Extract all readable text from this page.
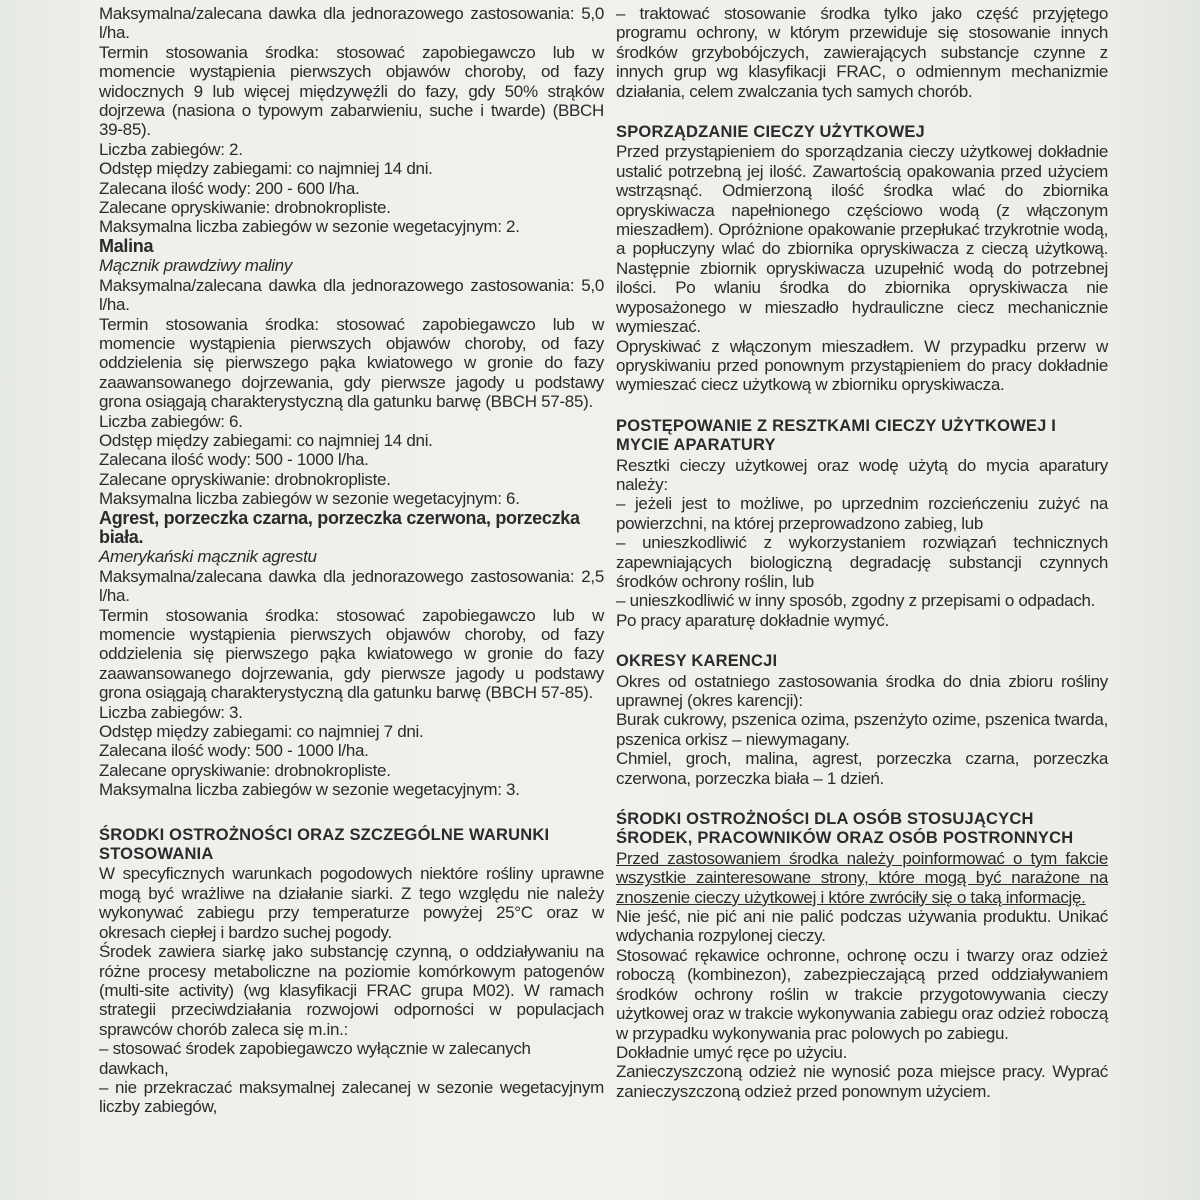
Maksymalna/zalecana dawka dla jednorazowego zastosowania: 5,0 l/ha.

Termin stosowania środka: stosować zapobiegawczo lub w momencie wystąpienia pierwszych objawów choroby, od fazy widocznych 9 lub więcej międzywęźli do fazy, gdy 50% strąków dojrzewa (nasiona o typowym zabarwieniu, suche i twarde) (BBCH 39-85).

Liczba zabiegów: 2.

Odstęp między zabiegami: co najmniej 14 dni.

Zalecana ilość wody: 200 - 600 l/ha.

Zalecane opryskiwanie: drobnokropliste.

Maksymalna liczba zabiegów w sezonie wegetacyjnym: 2.

Malina

Mącznik prawdziwy maliny

Maksymalna/zalecana dawka dla jednorazowego zastosowania: 5,0 l/ha.

Termin stosowania środka: stosować zapobiegawczo lub w momencie wystąpienia pierwszych objawów choroby, od fazy oddzielenia się pierwszego pąka kwiatowego w gronie do fazy zaawansowanego dojrzewania, gdy pierwsze jagody u podstawy grona osiągają charakterystyczną dla gatunku barwę (BBCH 57-85).

Liczba zabiegów: 6.

Odstęp między zabiegami: co najmniej 14 dni.

Zalecana ilość wody: 500 - 1000 l/ha.

Zalecane opryskiwanie: drobnokropliste.

Maksymalna liczba zabiegów w sezonie wegetacyjnym: 6.

Agrest, porzeczka czarna, porzeczka czerwona, porzeczka biała.

Amerykański mącznik agrestu

Maksymalna/zalecana dawka dla jednorazowego zastosowania: 2,5 l/ha.

Termin stosowania środka: stosować zapobiegawczo lub w momencie wystąpienia pierwszych objawów choroby, od fazy oddzielenia się pierwszego pąka kwiatowego w gronie do fazy zaawansowanego dojrzewania, gdy pierwsze jagody u podstawy grona osiągają charakterystyczną dla gatunku barwę (BBCH 57-85).

Liczba zabiegów: 3.

Odstęp między zabiegami: co najmniej 7 dni.

Zalecana ilość wody: 500 - 1000 l/ha.

Zalecane opryskiwanie: drobnokropliste.

Maksymalna liczba zabiegów w sezonie wegetacyjnym: 3.

ŚRODKI OSTROŻNOŚCI ORAZ SZCZEGÓLNE WARUNKI STOSOWANIA

W specyficznych warunkach pogodowych niektóre rośliny uprawne mogą być wrażliwe na działanie siarki. Z tego względu nie należy wykonywać zabiegu przy temperaturze powyżej 25°C oraz w okresach ciepłej i bardzo suchej pogody.

Środek zawiera siarkę jako substancję czynną, o oddziaływaniu na różne procesy metaboliczne na poziomie komórkowym patogenów (multi-site activity) (wg klasyfikacji FRAC grupa M02). W ramach strategii przeciwdziałania rozwojowi odporności w populacjach sprawców chorób zaleca się m.in.:

– stosować środek zapobiegawczo wyłącznie w zalecanych dawkach,

– nie przekraczać maksymalnej zalecanej w sezonie wegetacyjnym liczby zabiegów,

– traktować stosowanie środka tylko jako część przyjętego programu ochrony, w którym przewiduje się stosowanie innych środków grzybobójczych, zawierających substancje czynne z innych grup wg klasyfikacji FRAC, o odmiennym mechanizmie działania, celem zwalczania tych samych chorób.

SPORZĄDZANIE CIECZY UŻYTKOWEJ

Przed przystąpieniem do sporządzania cieczy użytkowej dokładnie ustalić potrzebną jej ilość. Zawartością opakowania przed użyciem wstrząsnąć. Odmierzoną ilość środka wlać do zbiornika opryskiwacza napełnionego częściowo wodą (z włączonym mieszadłem). Opróżnione opakowanie przepłukać trzykrotnie wodą, a popłuczyny wlać do zbiornika opryskiwacza z cieczą użytkową. Następnie zbiornik opryskiwacza uzupełnić wodą do potrzebnej ilości. Po wlaniu środka do zbiornika opryskiwacza nie wyposażonego w mieszadło hydrauliczne ciecz mechanicznie wymieszać.

Opryskiwać z włączonym mieszadłem. W przypadku przerw w opryskiwaniu przed ponownym przystąpieniem do pracy dokładnie wymieszać ciecz użytkową w zbiorniku opryskiwacza.

POSTĘPOWANIE Z RESZTKAMI CIECZY UŻYTKOWEJ I MYCIE APARATURY

Resztki cieczy użytkowej oraz wodę użytą do mycia aparatury należy:

– jeżeli jest to możliwe, po uprzednim rozcieńczeniu zużyć na powierzchni, na której przeprowadzono zabieg, lub

– unieszkodliwić z wykorzystaniem rozwiązań technicznych zapewniających biologiczną degradację substancji czynnych środków ochrony roślin, lub

– unieszkodliwić w inny sposób, zgodny z przepisami o odpadach.

Po pracy aparaturę dokładnie wymyć.

OKRESY KARENCJI

Okres od ostatniego zastosowania środka do dnia zbioru rośliny uprawnej (okres karencji):

Burak cukrowy, pszenica ozima, pszenżyto ozime, pszenica twarda, pszenica orkisz – niewymagany.

Chmiel, groch, malina, agrest, porzeczka czarna, porzeczka czerwona, porzeczka biała – 1 dzień.

ŚRODKI OSTROŻNOŚCI DLA OSÓB STOSUJĄCYCH ŚRODEK, PRACOWNIKÓW ORAZ OSÓB POSTRONNYCH

Przed zastosowaniem środka należy poinformować o tym fakcie wszystkie zainteresowane strony, które mogą być narażone na znoszenie cieczy użytkowej i które zwróciły się o taką informację.

Nie jeść, nie pić ani nie palić podczas używania produktu. Unikać wdychania rozpylonej cieczy.

Stosować rękawice ochronne, ochronę oczu i twarzy oraz odzież roboczą (kombinezon), zabezpieczającą przed oddziaływaniem środków ochrony roślin w trakcie przygotowywania cieczy użytkowej oraz w trakcie wykonywania zabiegu oraz odzież roboczą w przypadku wykonywania prac polowych po zabiegu.

Dokładnie umyć ręce po użyciu.

Zanieczyszczoną odzież nie wynosić poza miejsce pracy. Wyprać zanieczyszczoną odzież przed ponownym użyciem.
